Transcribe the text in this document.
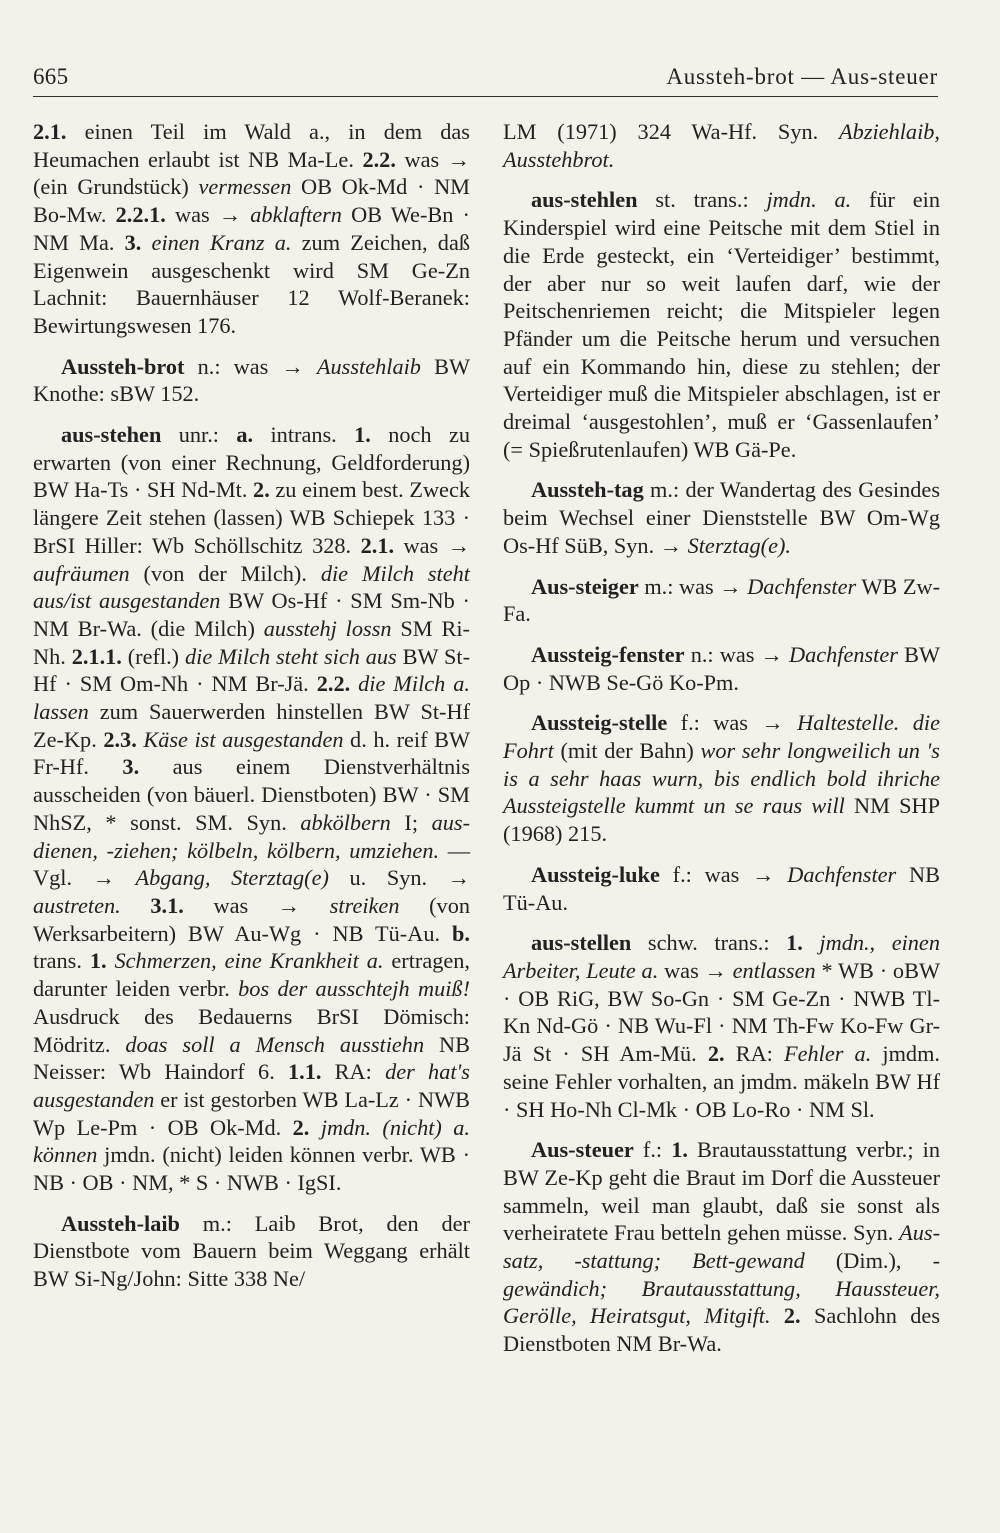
665	Aussteh-brot — Aus-steuer

2.1. einen Teil im Wald a., in dem das Heumachen erlaubt ist NB Ma-Le. 2.2. was → (ein Grundstück) vermessen OB Ok-Md · NM Bo-Mw. 2.2.1. was → abklaftern OB We-Bn · NM Ma. 3. einen Kranz a. zum Zeichen, daß Eigenwein ausgeschenkt wird SM Ge-Zn Lachnit: Bauernhäuser 12 Wolf-Beranek: Bewirtungswesen 176.

Aussteh-brot n.: was → Ausstehlaib BW Knothe: sBW 152.

aus-stehen unr.: a. intrans. 1. noch zu erwarten (von einer Rechnung, Geldforderung) BW Ha-Ts · SH Nd-Mt. 2. zu einem best. Zweck längere Zeit stehen (lassen) WB Schiepek 133 · BrSI Hiller: Wb Schöllschitz 328. 2.1. was → aufräumen (von der Milch). die Milch steht aus/ist ausgestanden BW Os-Hf · SM Sm-Nb · NM Br-Wa. (die Milch) ausstehj lossn SM Ri-Nh. 2.1.1. (refl.) die Milch steht sich aus BW St-Hf · SM Om-Nh · NM Br-Jä. 2.2. die Milch a. lassen zum Sauerwerden hinstellen BW St-Hf Ze-Kp. 2.3. Käse ist ausgestanden d. h. reif BW Fr-Hf. 3. aus einem Dienstverhältnis ausscheiden (von bäuerl. Dienstboten) BW · SM NhSZ, * sonst. SM. Syn. abkölbern I; aus-dienen, -ziehen; kölbeln, kölbern, umziehen. — Vgl. → Abgang, Sterztag(e) u. Syn. → austreten. 3.1. was → streiken (von Werksarbeitern) BW Au-Wg · NB Tü-Au. b. trans. 1. Schmerzen, eine Krankheit a. ertragen, darunter leiden verbr. bos der ausschtejh muiß! Ausdruck des Bedauerns BrSI Dömisch: Mödritz. doas soll a Mensch ausstiehn NB Neisser: Wb Haindorf 6. 1.1. RA: der hat's ausgestanden er ist gestorben WB La-Lz · NWB Wp Le-Pm · OB Ok-Md. 2. jmdn. (nicht) a. können jmdn. (nicht) leiden können verbr. WB · NB · OB · NM, * S · NWB · IgSI.

Aussteh-laib m.: Laib Brot, den der Dienstbote vom Bauern beim Weggang erhält BW Si-Ng/John: Sitte 338 Ne/

LM (1971) 324 Wa-Hf. Syn. Abziehlaib, Ausstehbrot.

aus-stehlen st. trans.: jmdn. a. für ein Kinderspiel wird eine Peitsche mit dem Stiel in die Erde gesteckt, ein ‘Verteidiger’ bestimmt, der aber nur so weit laufen darf, wie der Peitschenriemen reicht; die Mitspieler legen Pfänder um die Peitsche herum und versuchen auf ein Kommando hin, diese zu stehlen; der Verteidiger muß die Mitspieler abschlagen, ist er dreimal ‘ausgestohlen’, muß er ‘Gassenlaufen’ (= Spießrutenlaufen) WB Gä-Pe.

Aussteh-tag m.: der Wandertag des Gesindes beim Wechsel einer Dienststelle BW Om-Wg Os-Hf SüB, Syn. → Sterztag(e).

Aus-steiger m.: was → Dachfenster WB Zw-Fa.

Aussteig-fenster n.: was → Dachfenster BW Op · NWB Se-Gö Ko-Pm.

Aussteig-stelle f.: was → Haltestelle. die Fohrt (mit der Bahn) wor sehr longweilich un 's is a sehr haas wurn, bis endlich bold ihriche Aussteigstelle kummt un se raus will NM SHP (1968) 215.

Aussteig-luke f.: was → Dachfenster NB Tü-Au.

aus-stellen schw. trans.: 1. jmdn., einen Arbeiter, Leute a. was → entlassen * WB · oBW · OB RiG, BW So-Gn · SM Ge-Zn · NWB Tl-Kn Nd-Gö · NB Wu-Fl · NM Th-Fw Ko-Fw Gr-Jä St · SH Am-Mü. 2. RA: Fehler a. jmdm. seine Fehler vorhalten, an jmdm. mäkeln BW Hf · SH Ho-Nh Cl-Mk · OB Lo-Ro · NM Sl.

Aus-steuer f.: 1. Brautausstattung verbr.; in BW Ze-Kp geht die Braut im Dorf die Aussteuer sammeln, weil man glaubt, daß sie sonst als verheiratete Frau betteln gehen müsse. Syn. Aus-satz, -stattung; Bett-gewand (Dim.), -gewändich; Brautausstattung, Haussteuer, Gerölle, Heiratsgut, Mitgift. 2. Sachlohn des Dienstboten NM Br-Wa.
